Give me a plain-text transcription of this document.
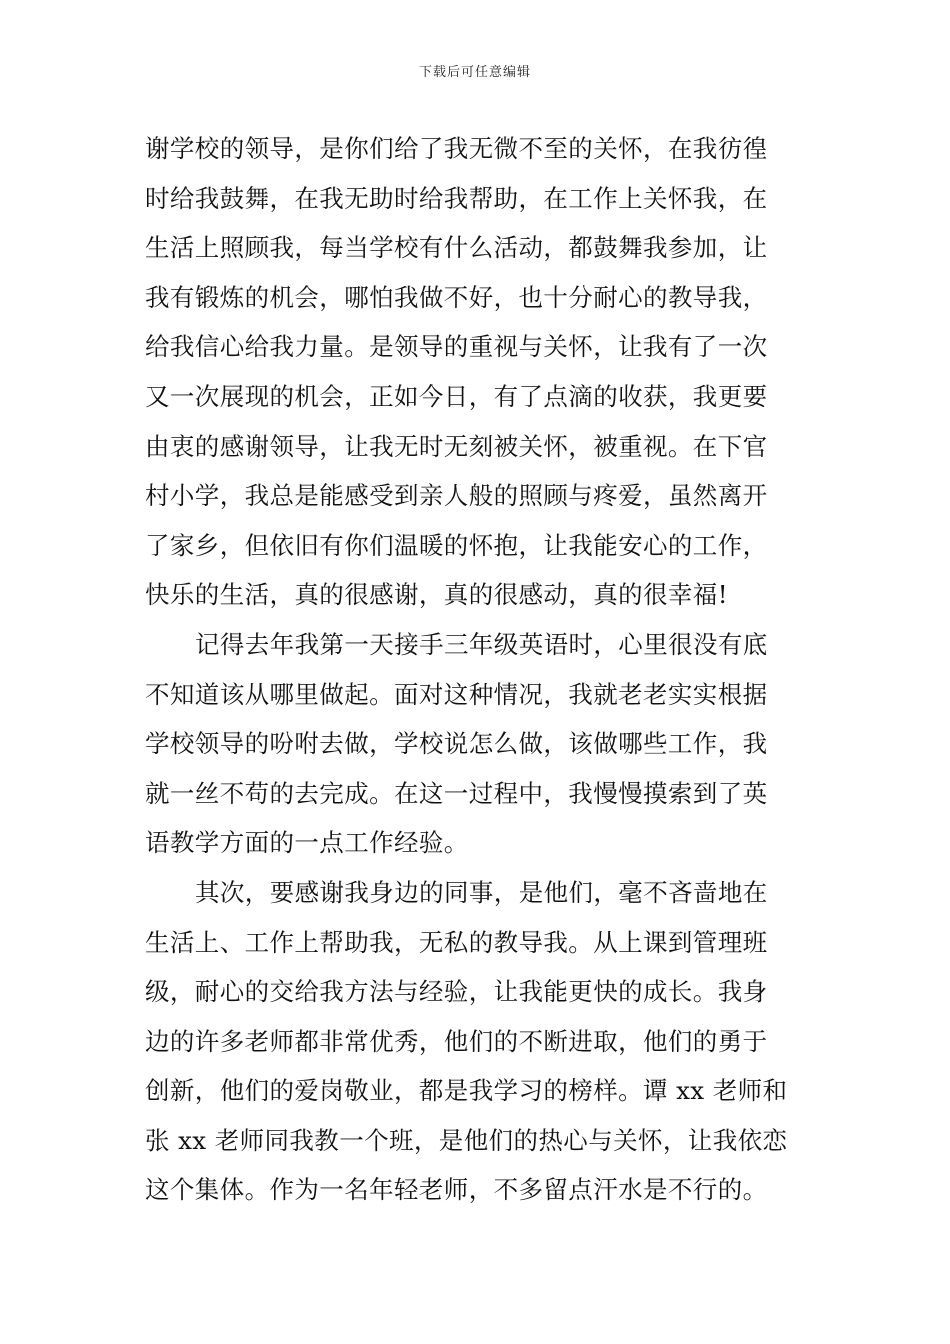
下载后可任意编辑
谢学校的领导，是你们给了我无微不至的关怀，在我彷徨
时给我鼓舞，在我无助时给我帮助，在工作上关怀我，在
生活上照顾我，每当学校有什么活动，都鼓舞我参加，让
我有锻炼的机会，哪怕我做不好，也十分耐心的教导我，
给我信心给我力量。是领导的重视与关怀，让我有了一次
又一次展现的机会，正如今日，有了点滴的收获，我更要
由衷的感谢领导，让我无时无刻被关怀，被重视。在下官
村小学，我总是能感受到亲人般的照顾与疼爱，虽然离开
了家乡，但依旧有你们温暖的怀抱，让我能安心的工作，
快乐的生活，真的很感谢，真的很感动，真的很幸福!
记得去年我第一天接手三年级英语时，心里很没有底
不知道该从哪里做起。面对这种情况，我就老老实实根据
学校领导的吩咐去做，学校说怎么做，该做哪些工作，我
就一丝不苟的去完成。在这一过程中，我慢慢摸索到了英
语教学方面的一点工作经验。
其次，要感谢我身边的同事，是他们，毫不吝啬地在
生活上、工作上帮助我，无私的教导我。从上课到管理班
级，耐心的交给我方法与经验，让我能更快的成长。我身
边的许多老师都非常优秀，他们的不断进取，他们的勇于
创新，他们的爱岗敬业，都是我学习的榜样。谭 xx 老师和
张 xx 老师同我教一个班，是他们的热心与关怀，让我依恋
这个集体。作为一名年轻老师，不多留点汗水是不行的。
